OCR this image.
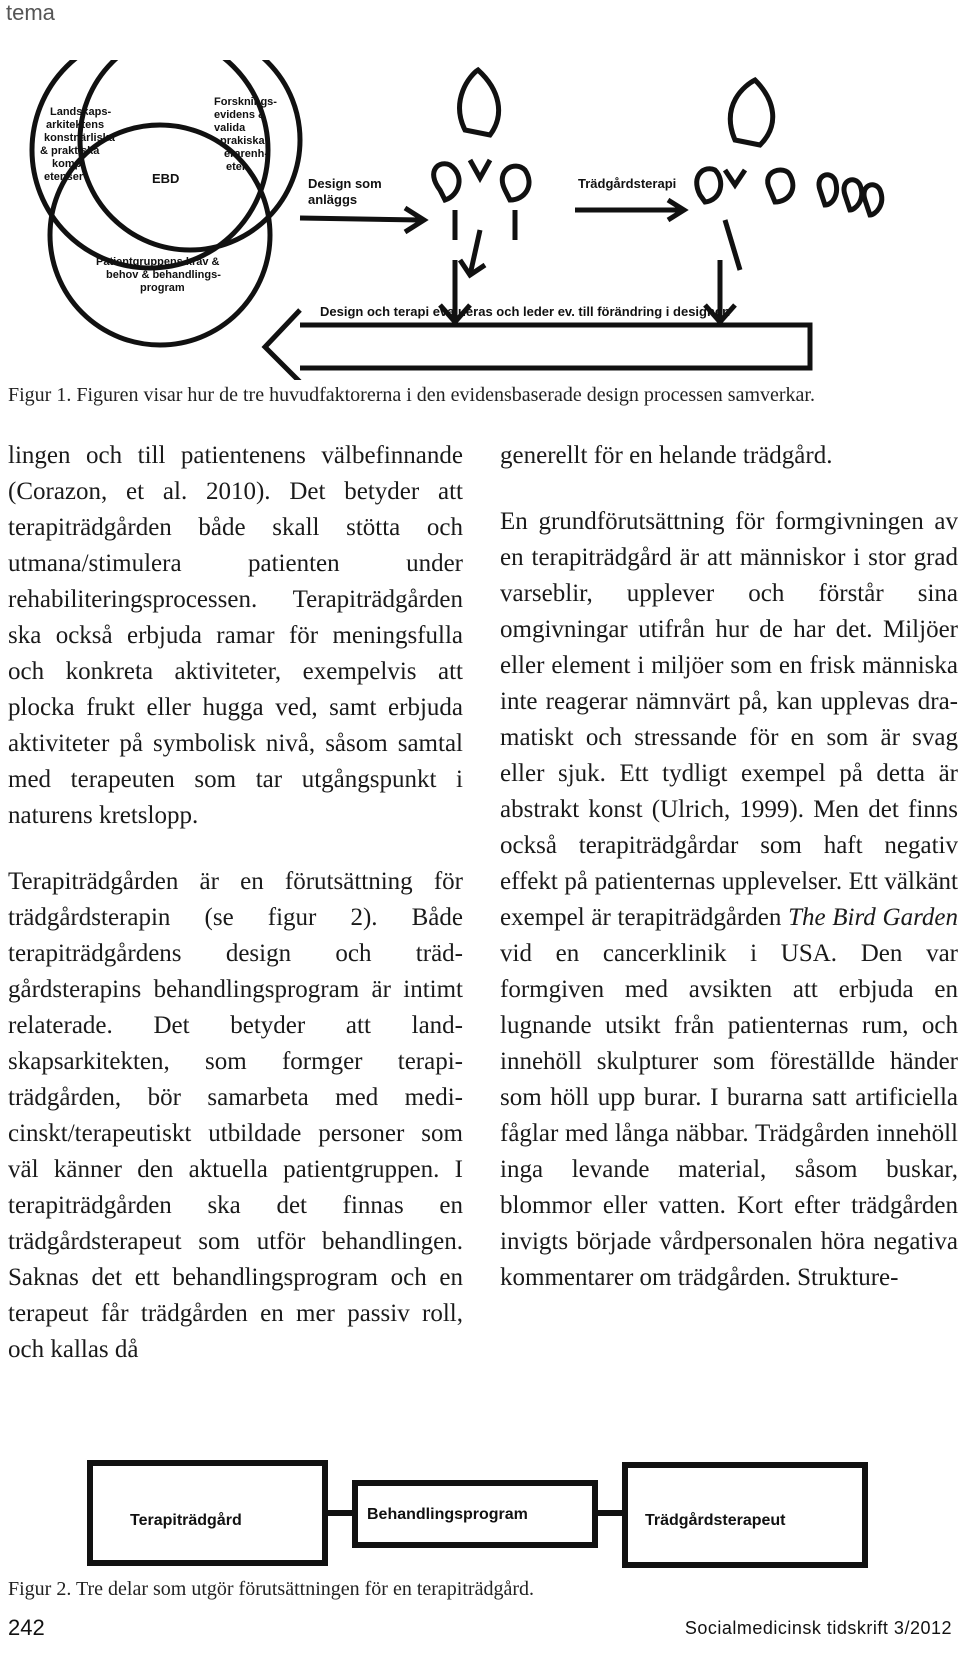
tema
Landskaps- arkitektens konstnärliska & praktiska komp- etenser
Forsknings- evidens & valida prakiska erarenh- eter
EBD
Patientgruppens krav & behov & behandlings- program
Design som anläggs
Trädgårdsterapi
Design och terapi evalueras och leder ev. till förändring i designen
Figur 1. Figuren visar hur de tre huvudfaktorerna i den evidensbaserade design processen samverkar.

lingen och till patientenens välbefinnande (Corazon, et al. 2010). Det betyder att terapiträdgården både skall stötta och utmana/stimulera patienten under rehabiliteringsprocessen. Terapiträdgården ska också erbjuda ramar för meningsfulla och konkreta aktiviteter, exempelvis att plocka frukt eller hugga ved, samt erbjuda aktiviteter på symbolisk nivå, såsom samtal med terapeuten som tar utgångspunkt i naturens kretslopp.

Terapiträdgården är en förutsättning för trädgårdsterapin (se figur 2). Både terapiträdgårdens design och trädgårdsterapins behandlingsprogram är intimt relaterade. Det betyder att landskapsarkitekten, som formger terapiträdgården, bör samarbeta med medicinskt/terapeutiskt utbildade personer som väl känner den aktuella patientgruppen. I terapiträdgården ska det finnas en trädgårdsterapeut som utför behandlingen. Saknas det ett behandlingsprogram och en terapeut får trädgården en mer passiv roll, och kallas då

generellt för en helande trädgård.

En grundförutsättning för formgivningen av en terapiträdgård är att människor i stor grad varseblir, upplever och förstår sina omgivningar utifrån hur de har det. Miljöer eller element i miljöer som en frisk människa inte reagerar nämnvärt på, kan upplevas dramatiskt och stressande för en som är svag eller sjuk. Ett tydligt exempel på detta är abstrakt konst (Ulrich, 1999). Men det finns också terapiträdgårdar som haft negativ effekt på patienternas upplevelser. Ett välkänt exempel är terapiträdgården The Bird Garden vid en cancerklinik i USA. Den var formgiven med avsikten att erbjuda en lugnande utsikt från patienternas rum, och innehöll skulpturer som föreställde händer som höll upp burar. I burarna satt artificiella fåglar med långa näbbar. Trädgården innehöll inga levande material, såsom buskar, blommor eller vatten. Kort efter trädgården invigts började vårdpersonalen höra negativa kommentarer om trädgården. Strukture-

Terapiträdgård	Behandlingsprogram	Trädgårdsterapeut
Figur 2. Tre delar som utgör förutsättningen för en terapiträdgård.
242	Socialmedicinsk tidskrift 3/2012
